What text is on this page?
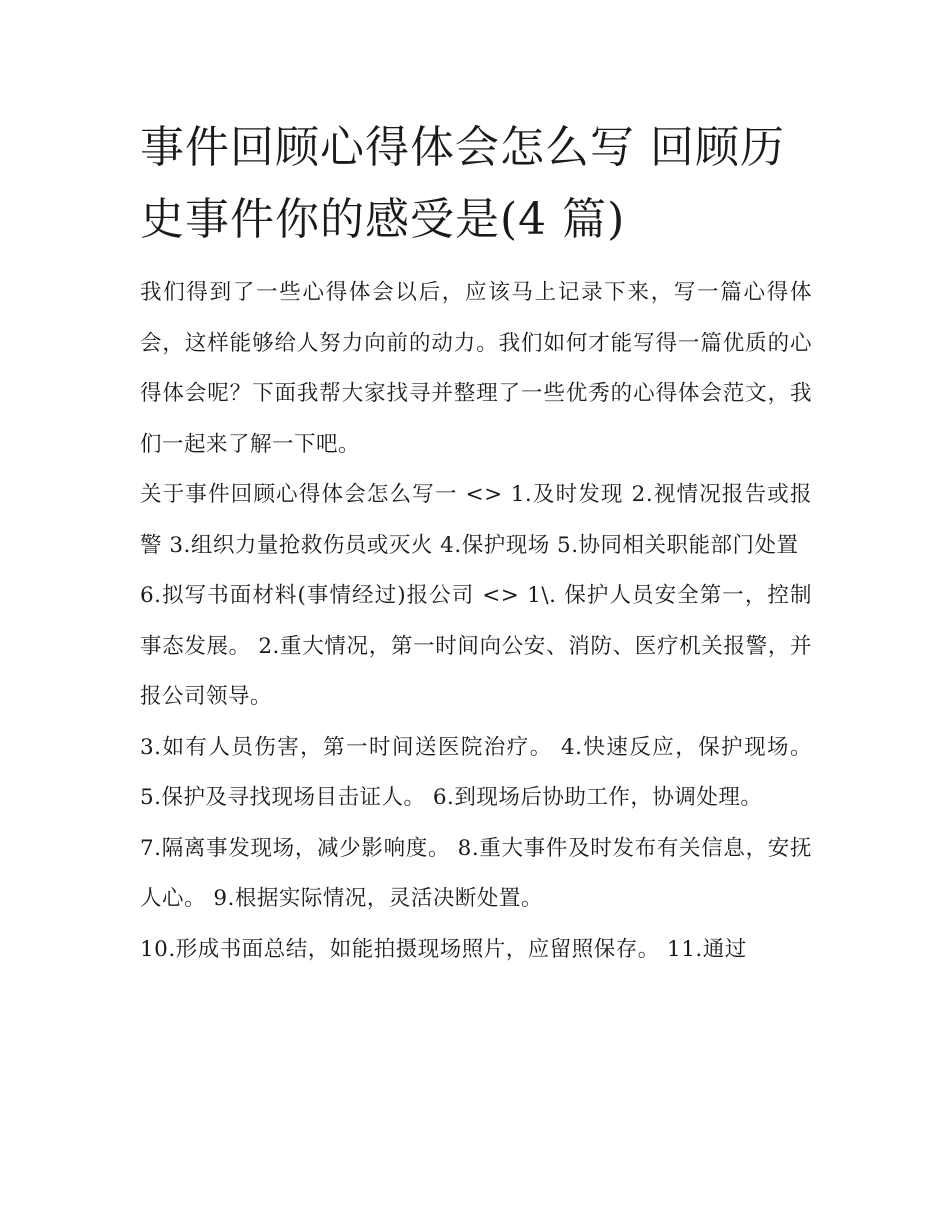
事件回顾心得体会怎么写 回顾历史事件你的感受是(4 篇)

我们得到了一些心得体会以后，应该马上记录下来，写一篇心得体会，这样能够给人努力向前的动力。我们如何才能写得一篇优质的心得体会呢？下面我帮大家找寻并整理了一些优秀的心得体会范文，我们一起来了解一下吧。

关于事件回顾心得体会怎么写一 <> 1.及时发现 2.视情况报告或报警 3.组织力量抢救伤员或灭火 4.保护现场 5.协同相关职能部门处置

6.拟写书面材料(事情经过)报公司 <> 1\. 保护人员安全第一，控制事态发展。 2.重大情况，第一时间向公安、消防、医疗机关报警，并报公司领导。

3.如有人员伤害，第一时间送医院治疗。 4.快速反应，保护现场。 5.保护及寻找现场目击证人。 6.到现场后协助工作，协调处理。

7.隔离事发现场，减少影响度。 8.重大事件及时发布有关信息，安抚人心。 9.根据实际情况，灵活决断处置。

10.形成书面总结，如能拍摄现场照片，应留照保存。 11.通过
